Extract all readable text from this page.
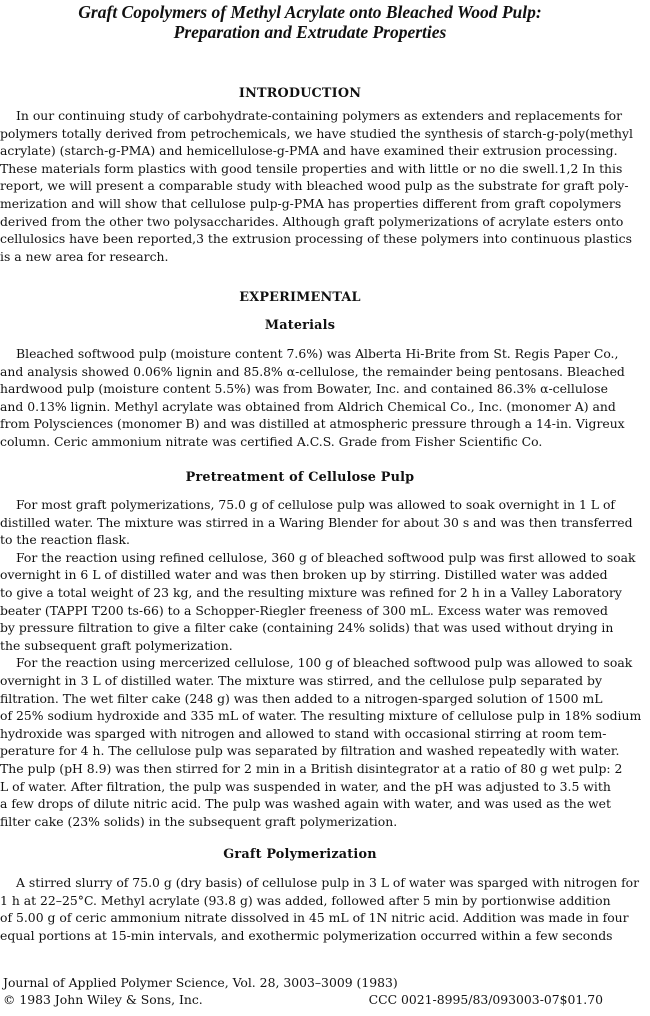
Graft Copolymers of Methyl Acrylate onto Bleached Wood Pulp:
Preparation and Extrudate Properties
INTRODUCTION
In our continuing study of carbohydrate-containing polymers as extenders and replacements for
polymers totally derived from petrochemicals, we have studied the synthesis of starch-g-poly(methyl
acrylate) (starch-g-PMA) and hemicellulose-g-PMA and have examined their extrusion processing.
These materials form plastics with good tensile properties and with little or no die swell.1,2 In this
report, we will present a comparable study with bleached wood pulp as the substrate for graft poly-
merization and will show that cellulose pulp-g-PMA has properties different from graft copolymers
derived from the other two polysaccharides. Although graft polymerizations of acrylate esters onto
cellulosics have been reported,3 the extrusion processing of these polymers into continuous plastics
is a new area for research.
EXPERIMENTAL
Materials
Bleached softwood pulp (moisture content 7.6%) was Alberta Hi-Brite from St. Regis Paper Co.,
and analysis showed 0.06% lignin and 85.8% α-cellulose, the remainder being pentosans. Bleached
hardwood pulp (moisture content 5.5%) was from Bowater, Inc. and contained 86.3% α-cellulose
and 0.13% lignin. Methyl acrylate was obtained from Aldrich Chemical Co., Inc. (monomer A) and
from Polysciences (monomer B) and was distilled at atmospheric pressure through a 14-in. Vigreux
column. Ceric ammonium nitrate was certified A.C.S. Grade from Fisher Scientific Co.
Pretreatment of Cellulose Pulp
For most graft polymerizations, 75.0 g of cellulose pulp was allowed to soak overnight in 1 L of
distilled water. The mixture was stirred in a Waring Blender for about 30 s and was then transferred
to the reaction flask.
For the reaction using refined cellulose, 360 g of bleached softwood pulp was first allowed to soak
overnight in 6 L of distilled water and was then broken up by stirring. Distilled water was added
to give a total weight of 23 kg, and the resulting mixture was refined for 2 h in a Valley Laboratory
beater (TAPPI T200 ts-66) to a Schopper-Riegler freeness of 300 mL. Excess water was removed
by pressure filtration to give a filter cake (containing 24% solids) that was used without drying in
the subsequent graft polymerization.
For the reaction using mercerized cellulose, 100 g of bleached softwood pulp was allowed to soak
overnight in 3 L of distilled water. The mixture was stirred, and the cellulose pulp separated by
filtration. The wet filter cake (248 g) was then added to a nitrogen-sparged solution of 1500 mL
of 25% sodium hydroxide and 335 mL of water. The resulting mixture of cellulose pulp in 18% sodium
hydroxide was sparged with nitrogen and allowed to stand with occasional stirring at room tem-
perature for 4 h. The cellulose pulp was separated by filtration and washed repeatedly with water.
The pulp (pH 8.9) was then stirred for 2 min in a British disintegrator at a ratio of 80 g wet pulp: 2
L of water. After filtration, the pulp was suspended in water, and the pH was adjusted to 3.5 with
a few drops of dilute nitric acid. The pulp was washed again with water, and was used as the wet
filter cake (23% solids) in the subsequent graft polymerization.
Graft Polymerization
A stirred slurry of 75.0 g (dry basis) of cellulose pulp in 3 L of water was sparged with nitrogen for
1 h at 22–25°C. Methyl acrylate (93.8 g) was added, followed after 5 min by portionwise addition
of 5.00 g of ceric ammonium nitrate dissolved in 45 mL of 1N nitric acid. Addition was made in four
equal portions at 15-min intervals, and exothermic polymerization occurred within a few seconds
Journal of Applied Polymer Science, Vol. 28, 3003–3009 (1983)
© 1983 John Wiley & Sons, Inc.	CCC 0021-8995/83/093003-07$01.70
